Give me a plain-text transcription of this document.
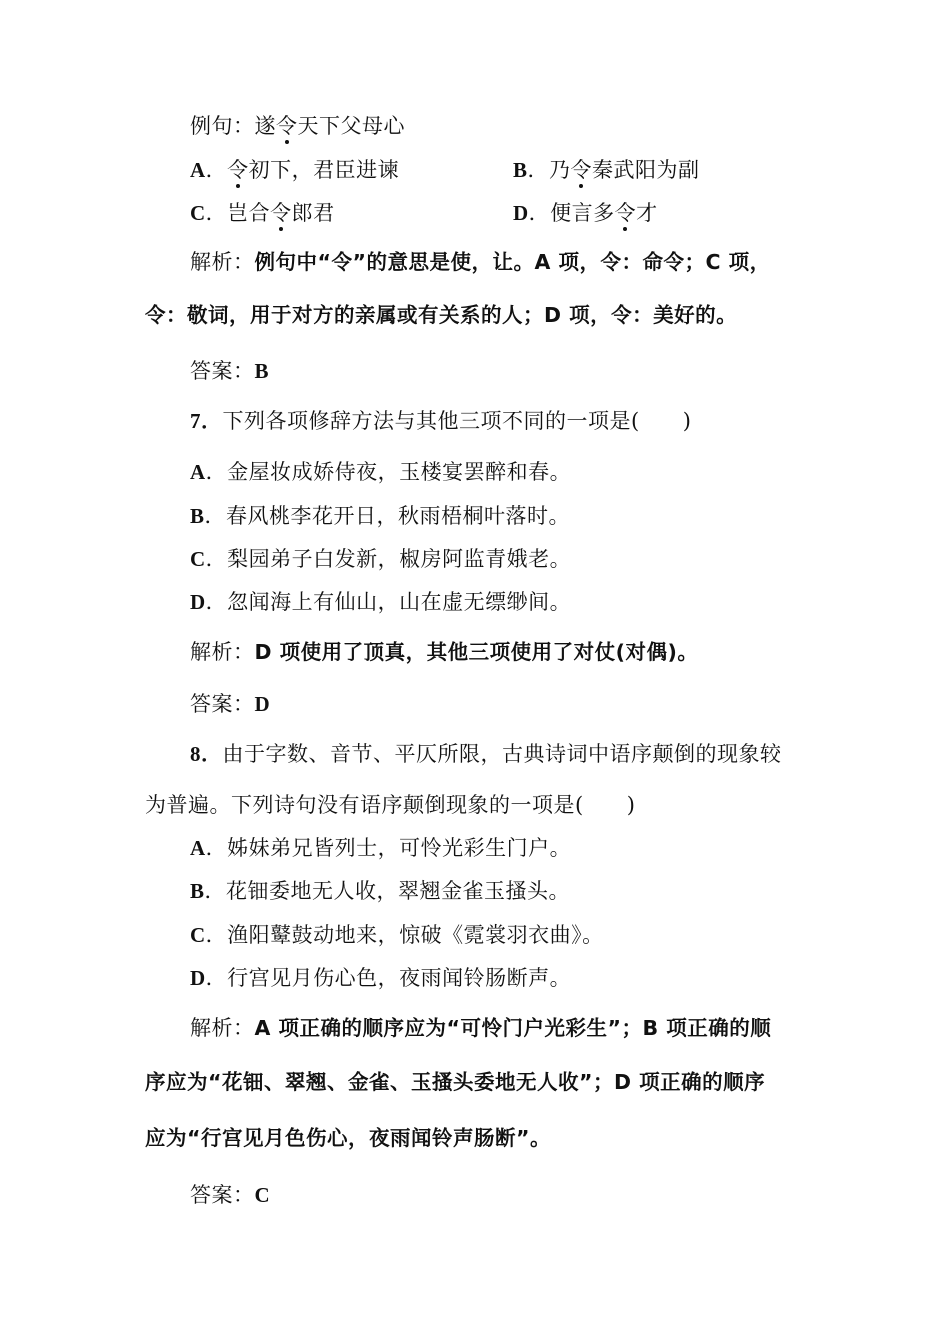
例句：遂令天下父母心
A．令初下，君臣进谏	B．乃令秦武阳为副
C．岂合令郎君	D．便言多令才
解析：例句中“令”的意思是使，让。A 项，令：命令；C 项，
令：敬词，用于对方的亲属或有关系的人；D 项，令：美好的。
答案：B
7．下列各项修辞方法与其他三项不同的一项是(　　)
A．金屋妆成娇侍夜，玉楼宴罢醉和春。
B．春风桃李花开日，秋雨梧桐叶落时。
C．梨园弟子白发新，椒房阿监青娥老。
D．忽闻海上有仙山，山在虚无缥缈间。
解析：D 项使用了顶真，其他三项使用了对仗(对偶)。
答案：D
8．由于字数、音节、平仄所限，古典诗词中语序颠倒的现象较
为普遍。下列诗句没有语序颠倒现象的一项是(　　)
A．姊妹弟兄皆列士，可怜光彩生门户。
B．花钿委地无人收，翠翘金雀玉搔头。
C．渔阳鼙鼓动地来，惊破《霓裳羽衣曲》。
D．行宫见月伤心色，夜雨闻铃肠断声。
解析：A 项正确的顺序应为“可怜门户光彩生”；B 项正确的顺
序应为“花钿、翠翘、金雀、玉搔头委地无人收”；D 项正确的顺序
应为“行宫见月色伤心，夜雨闻铃声肠断”。
答案：C
